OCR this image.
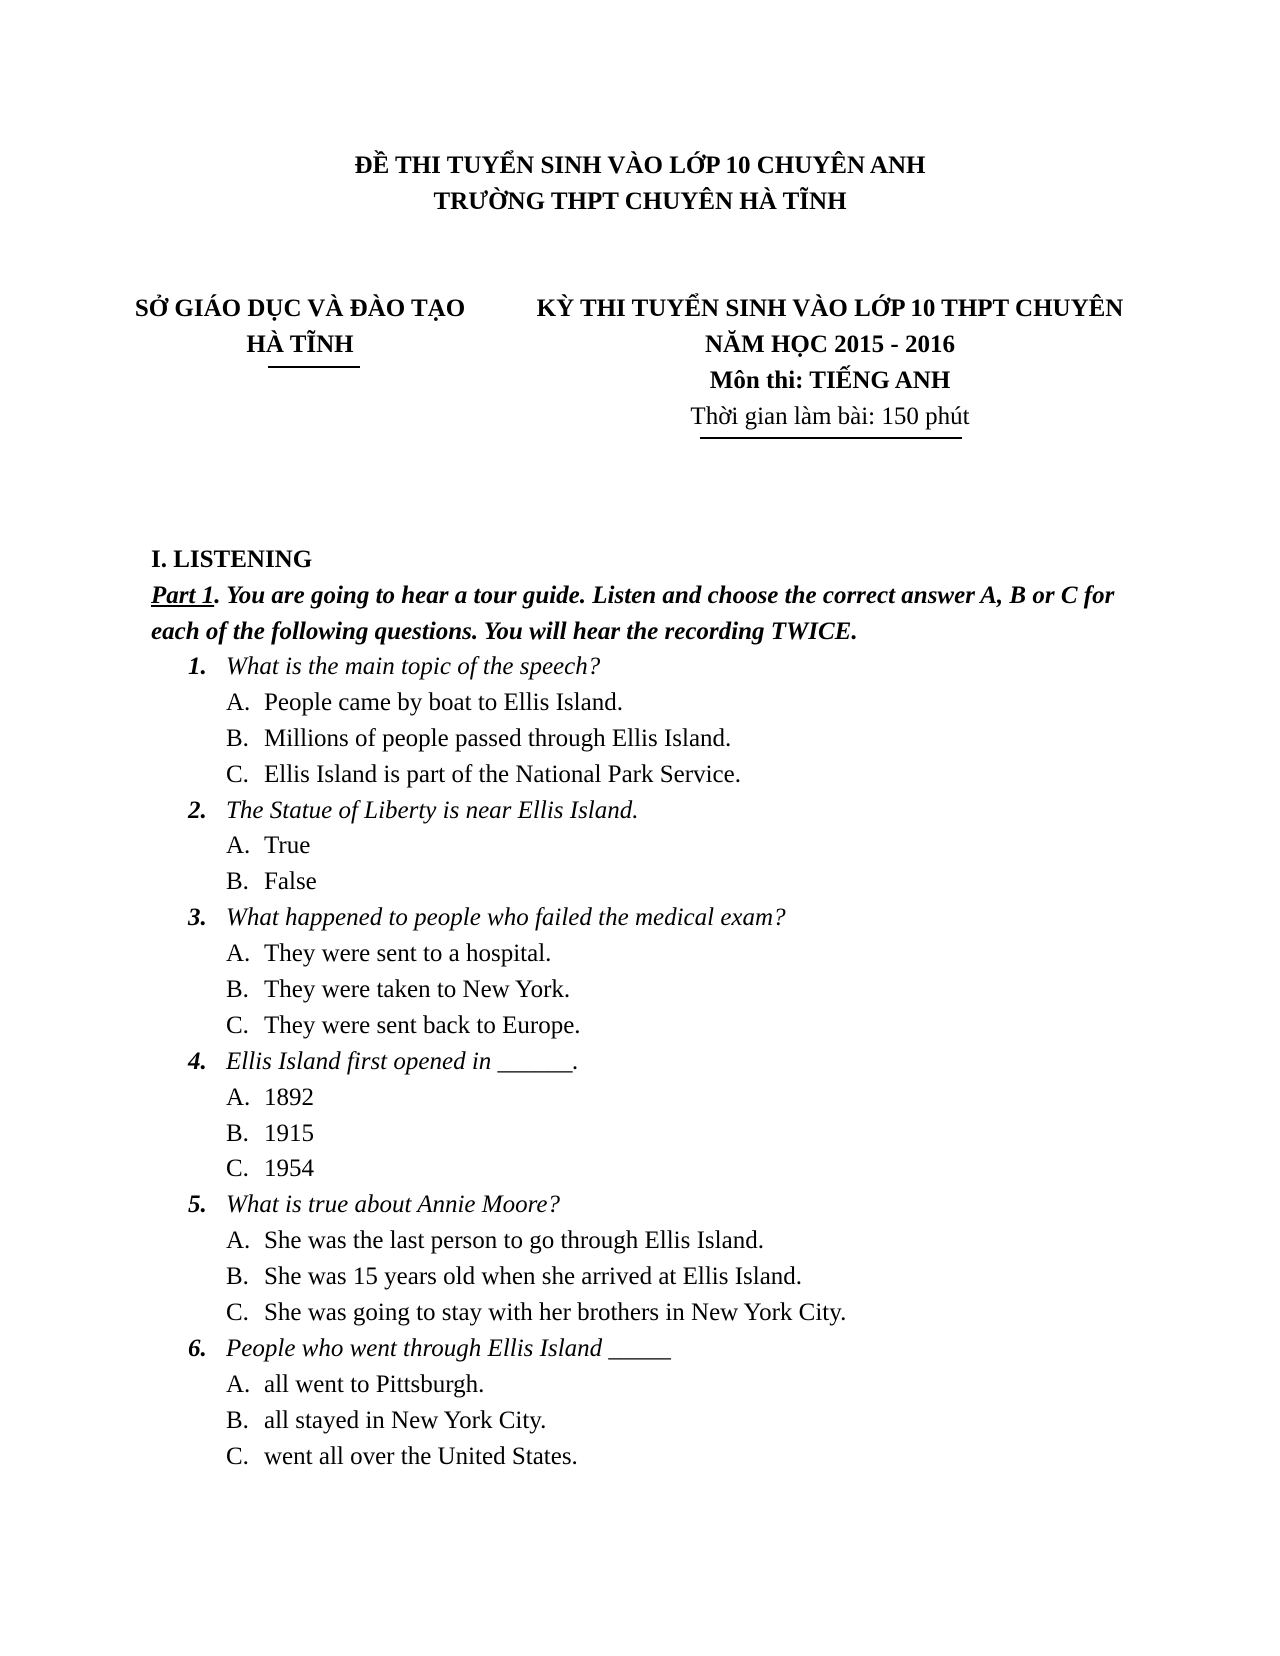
ĐỀ THI TUYỂN SINH VÀO LỚP 10 CHUYÊN ANH
TRƯỜNG THPT CHUYÊN HÀ TĨNH
SỞ GIÁO DỤC VÀ ĐÀO TẠO
HÀ TĨNH
KỲ THI TUYỂN SINH VÀO LỚP 10 THPT CHUYÊN
NĂM HỌC 2015 - 2016
Môn thi: TIẾNG ANH
Thời gian làm bài: 150 phút
I. LISTENING
Part 1. You are going to hear a tour guide. Listen and choose the correct answer A, B or C for each of the following questions. You will hear the recording TWICE.
1. What is the main topic of the speech?
A. People came by boat to Ellis Island.
B. Millions of people passed through Ellis Island.
C. Ellis Island is part of the National Park Service.
2. The Statue of Liberty is near Ellis Island.
A. True
B. False
3. What happened to people who failed the medical exam?
A. They were sent to a hospital.
B. They were taken to New York.
C. They were sent back to Europe.
4. Ellis Island first opened in ______.
A. 1892
B. 1915
C. 1954
5. What is true about Annie Moore?
A. She was the last person to go through Ellis Island.
B. She was 15 years old when she arrived at Ellis Island.
C. She was going to stay with her brothers in New York City.
6. People who went through Ellis Island _____
A. all went to Pittsburgh.
B. all stayed in New York City.
C. went all over the United States.
